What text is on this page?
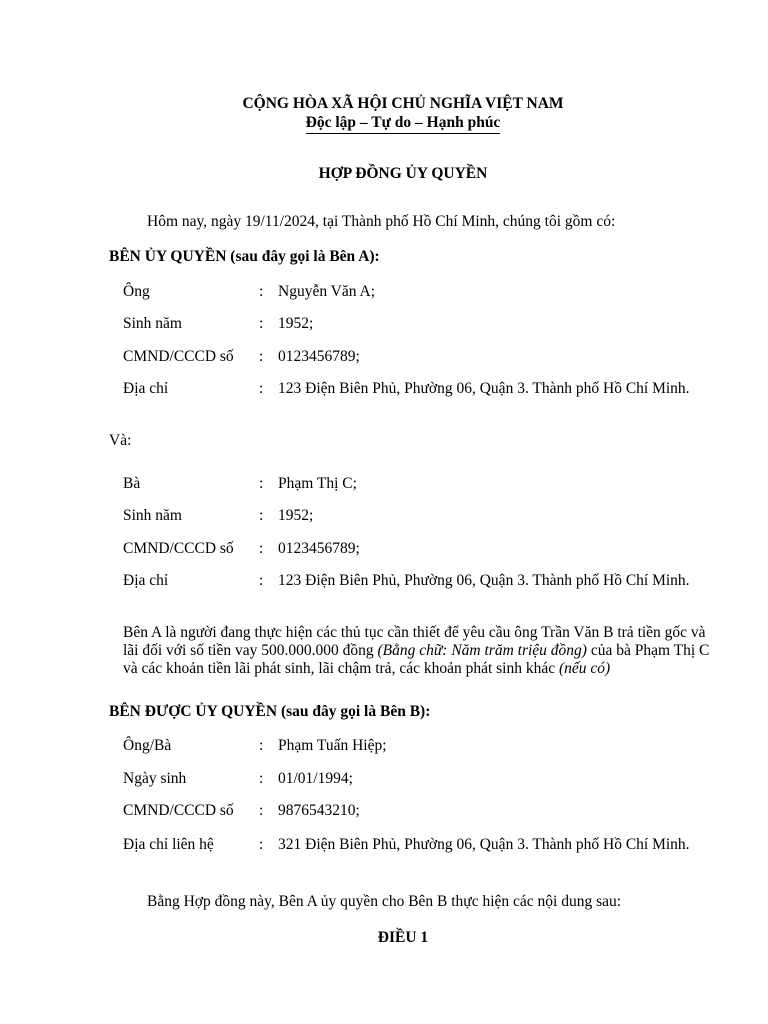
CỘNG HÒA XÃ HỘI CHỦ NGHĨA VIỆT NAM
Độc lập – Tự do – Hạnh phúc
HỢP ĐỒNG ỦY QUYỀN
Hôm nay, ngày 19/11/2024, tại Thành phố Hồ Chí Minh, chúng tôi gồm có:
BÊN ỦY QUYỀN (sau đây gọi là Bên A):
Ông	: Nguyễn Văn A;
Sinh năm	: 1952;
CMND/CCCD số : 0123456789;
Địa chỉ	: 123 Điện Biên Phủ, Phường 06, Quận 3. Thành phố Hồ Chí Minh.
Và:
Bà	: Phạm Thị C;
Sinh năm	: 1952;
CMND/CCCD số : 0123456789;
Địa chỉ	: 123 Điện Biên Phủ, Phường 06, Quận 3. Thành phố Hồ Chí Minh.
Bên A là người đang thực hiện các thủ tục cần thiết để yêu cầu ông Trần Văn B trả tiền gốc và lãi đối với số tiền vay 500.000.000 đồng (Bằng chữ: Năm trăm triệu đồng) của bà Phạm Thị C và các khoản tiền lãi phát sinh, lãi chậm trả, các khoản phát sinh khác (nếu có)
BÊN ĐƯỢC ỦY QUYỀN (sau đây gọi là Bên B):
Ông/Bà	: Phạm Tuấn Hiệp;
Ngày sinh	: 01/01/1994;
CMND/CCCD số : 9876543210;
Địa chỉ liên hệ	: 321 Điện Biên Phủ, Phường 06, Quận 3. Thành phố Hồ Chí Minh.
Bằng Hợp đồng này, Bên A ủy quyền cho Bên B thực hiện các nội dung sau:
ĐIỀU 1
